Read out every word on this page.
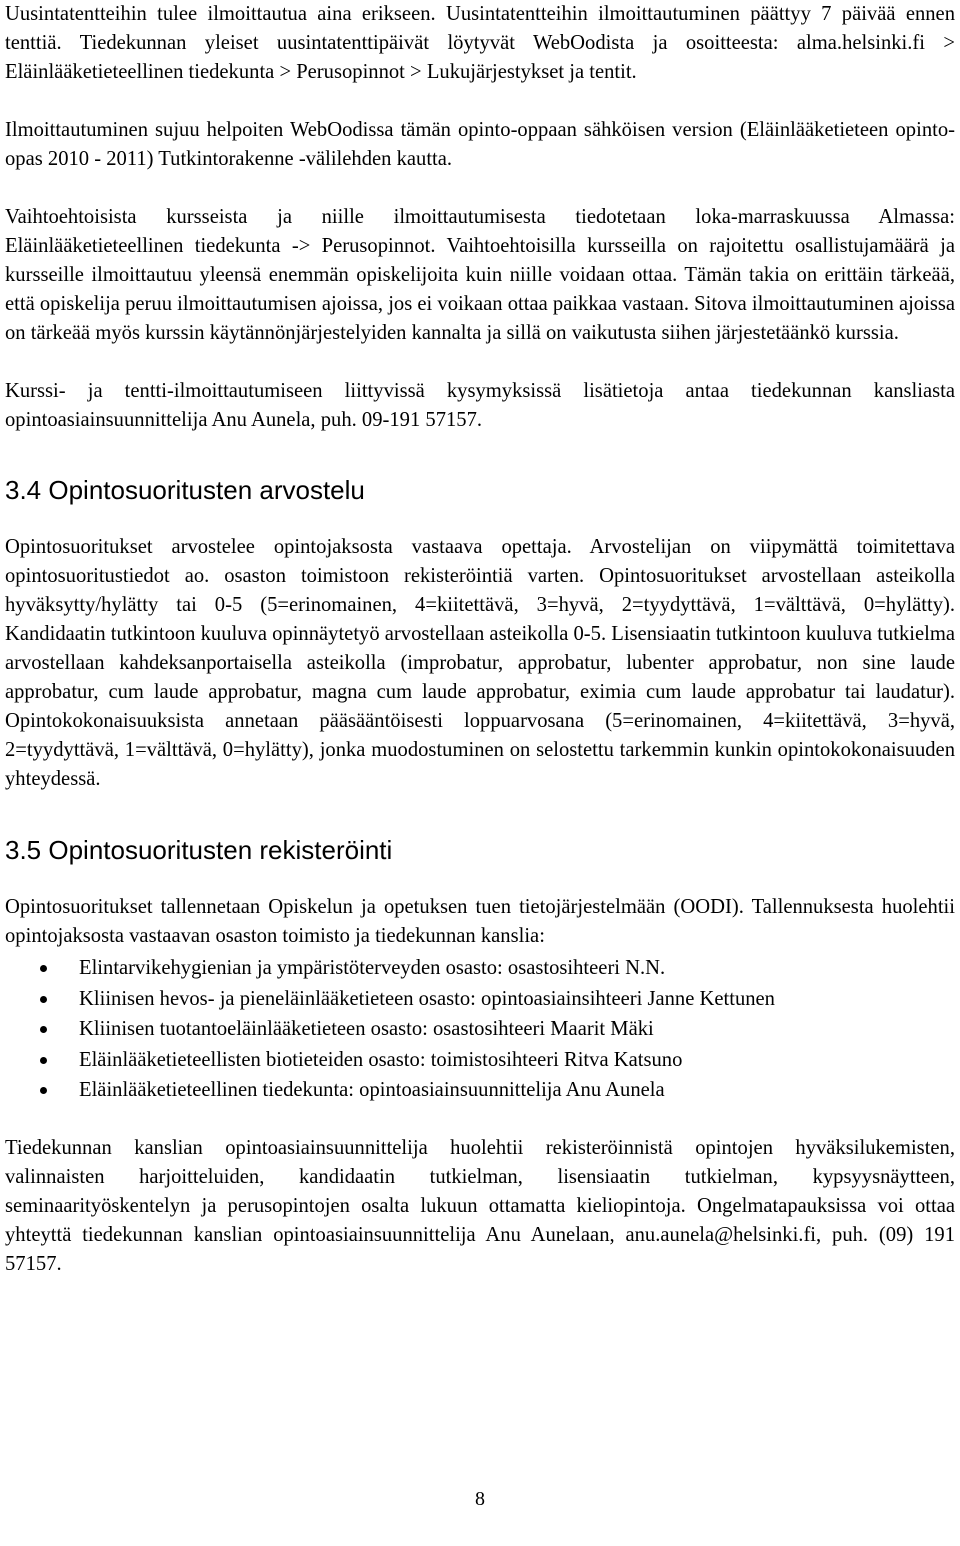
Uusintatentteihin tulee ilmoittautua aina erikseen. Uusintatentteihin ilmoittautuminen päättyy 7 päivää ennen tenttiä. Tiedekunnan yleiset uusintatenttipäivät löytyvät WebOodista ja osoitteesta: alma.helsinki.fi > Eläinlääketieteellinen tiedekunta > Perusopinnot > Lukujärjestykset ja tentit.

Ilmoittautuminen sujuu helpoiten WebOodissa tämän opinto-oppaan sähköisen version (Eläinlääketieteen opinto-opas 2010 - 2011) Tutkintorakenne -välilehden kautta.

Vaihtoehtoisista kursseista ja niille ilmoittautumisesta tiedotetaan loka-marraskuussa Almassa: Eläinlääketieteellinen tiedekunta -> Perusopinnot. Vaihtoehtoisilla kursseilla on rajoitettu osallistujamäärä ja kursseille ilmoittautuu yleensä enemmän opiskelijoita kuin niille voidaan ottaa. Tämän takia on erittäin tärkeää, että opiskelija peruu ilmoittautumisen ajoissa, jos ei voikaan ottaa paikkaa vastaan. Sitova ilmoittautuminen ajoissa on tärkeää myös kurssin käytännönjärjestelyiden kannalta ja sillä on vaikutusta siihen järjestetäänkö kurssia.

Kurssi- ja tentti-ilmoittautumiseen liittyvissä kysymyksissä lisätietoja antaa tiedekunnan kansliasta opintoasiainsuunnittelija Anu Aunela, puh. 09-191 57157.

3.4 Opintosuoritusten arvostelu

Opintosuoritukset arvostelee opintojaksosta vastaava opettaja. Arvostelijan on viipymättä toimitettava opintosuoritustiedot ao. osaston toimistoon rekisteröintiä varten. Opintosuoritukset arvostellaan asteikolla hyväksytty/hylätty tai 0-5 (5=erinomainen, 4=kiitettävä, 3=hyvä, 2=tyydyttävä, 1=välttävä, 0=hylätty). Kandidaatin tutkintoon kuuluva opinnäytetyö arvostellaan asteikolla 0-5. Lisensiaatin tutkintoon kuuluva tutkielma arvostellaan kahdeksanportaisella asteikolla (improbatur, approbatur, lubenter approbatur, non sine laude approbatur, cum laude approbatur, magna cum laude approbatur, eximia cum laude approbatur tai laudatur). Opintokokonaisuuksista annetaan pääsääntöisesti loppuarvosana (5=erinomainen, 4=kiitettävä, 3=hyvä, 2=tyydyttävä, 1=välttävä, 0=hylätty), jonka muodostuminen on selostettu tarkemmin kunkin opintokokonaisuuden yhteydessä.

3.5 Opintosuoritusten rekisteröinti

Opintosuoritukset tallennetaan Opiskelun ja opetuksen tuen tietojärjestelmään (OODI). Tallennuksesta huolehtii opintojaksosta vastaavan osaston toimisto ja tiedekunnan kanslia:

Elintarvikehygienian ja ympäristöterveyden osasto: osastosihteeri N.N.
Kliinisen hevos- ja pieneläinlääketieteen osasto: opintoasiainsihteeri Janne Kettunen
Kliinisen tuotantoeläinlääketieteen osasto: osastosihteeri Maarit Mäki
Eläinlääketieteellisten biotieteiden osasto: toimistosihteeri Ritva Katsuno
Eläinlääketieteellinen tiedekunta: opintoasiainsuunnittelija Anu Aunela

Tiedekunnan kanslian opintoasiainsuunnittelija huolehtii rekisteröinnistä opintojen hyväksilukemisten, valinnaisten harjoitteluiden, kandidaatin tutkielman, lisensiaatin tutkielman, kypsyysnäytteen, seminaarityöskentelyn ja perusopintojen osalta lukuun ottamatta kieliopintoja. Ongelmatapauksissa voi ottaa yhteyttä tiedekunnan kanslian opintoasiainsuunnittelija Anu Aunelaan, anu.aunela@helsinki.fi, puh. (09) 191 57157.

8
